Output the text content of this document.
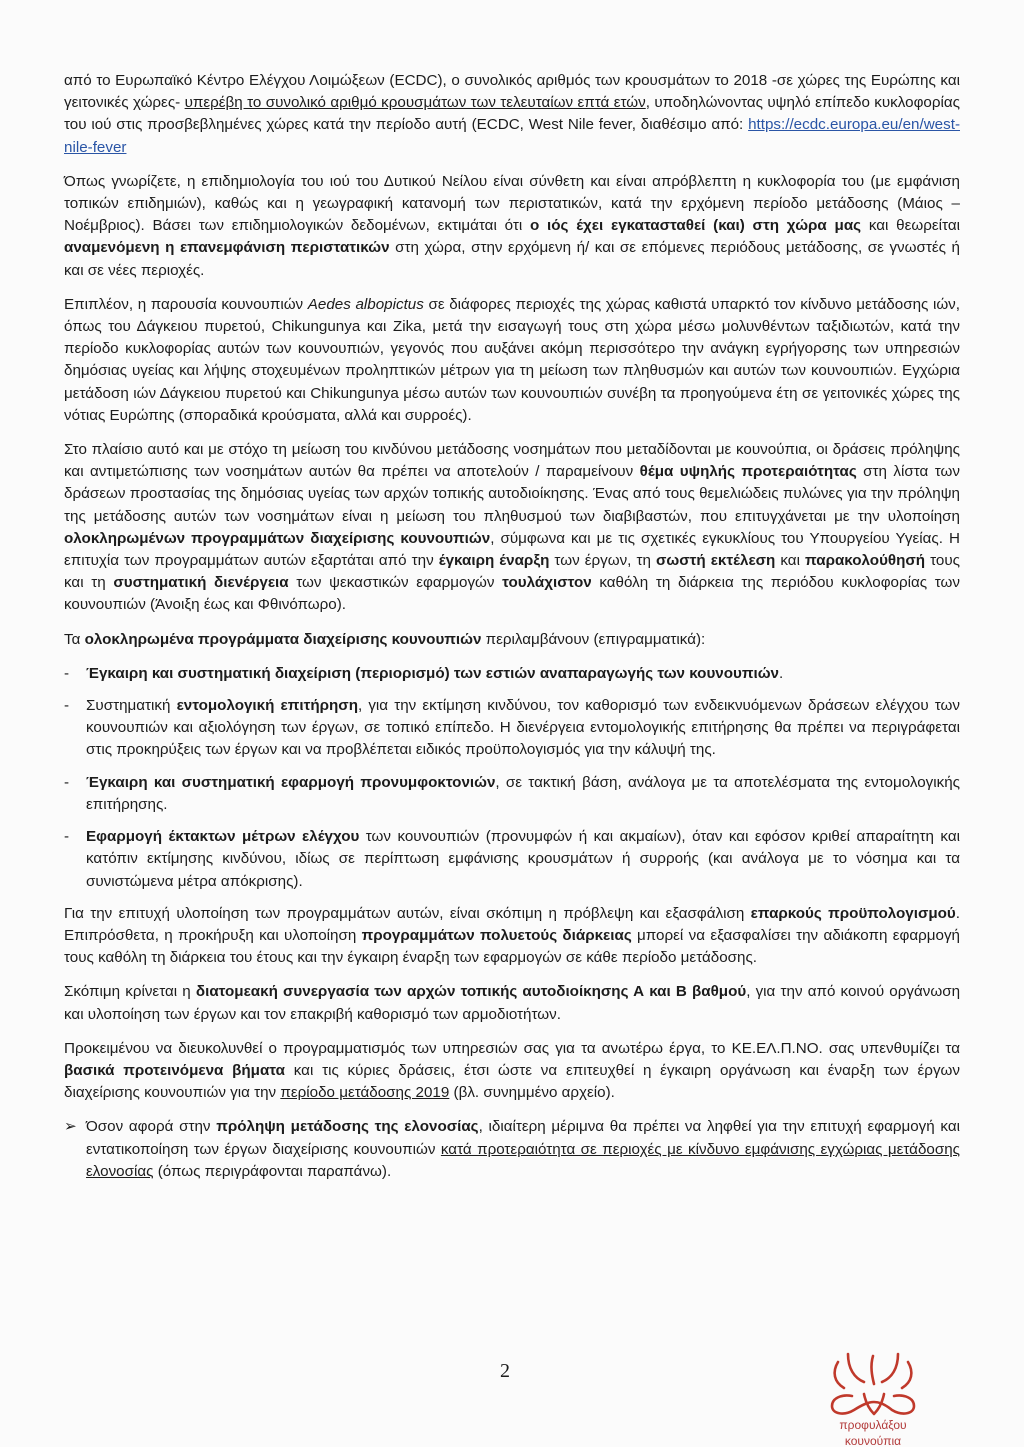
από το Ευρωπαϊκό Κέντρο Ελέγχου Λοιμώξεων (ECDC), ο συνολικός αριθμός των κρουσμάτων το 2018 -σε χώρες της Ευρώπης και γειτονικές χώρες- υπερέβη το συνολικό αριθμό κρουσμάτων των τελευταίων επτά ετών, υποδηλώνοντας υψηλό επίπεδο κυκλοφορίας του ιού στις προσβεβλημένες χώρες κατά την περίοδο αυτή (ECDC, West Nile fever, διαθέσιμο από: https://ecdc.europa.eu/en/west-nile-fever

Όπως γνωρίζετε, η επιδημιολογία του ιού του Δυτικού Νείλου είναι σύνθετη και είναι απρόβλεπτη η κυκλοφορία του (με εμφάνιση τοπικών επιδημιών), καθώς και η γεωγραφική κατανομή των περιστατικών, κατά την ερχόμενη περίοδο μετάδοσης (Μάιος – Νοέμβριος). Βάσει των επιδημιολογικών δεδομένων, εκτιμάται ότι ο ιός έχει εγκατασταθεί (και) στη χώρα μας και θεωρείται αναμενόμενη η επανεμφάνιση περιστατικών στη χώρα, στην ερχόμενη ή/ και σε επόμενες περιόδους μετάδοσης, σε γνωστές ή και σε νέες περιοχές.

Επιπλέον, η παρουσία κουνουπιών Aedes albopictus σε διάφορες περιοχές της χώρας καθιστά υπαρκτό τον κίνδυνο μετάδοσης ιών, όπως του Δάγκειου πυρετού, Chikungunya και Zika, μετά την εισαγωγή τους στη χώρα μέσω μολυνθέντων ταξιδιωτών, κατά την περίοδο κυκλοφορίας αυτών των κουνουπιών, γεγονός που αυξάνει ακόμη περισσότερο την ανάγκη εγρήγορσης των υπηρεσιών δημόσιας υγείας και λήψης στοχευμένων προληπτικών μέτρων για τη μείωση των πληθυσμών και αυτών των κουνουπιών. Εγχώρια μετάδοση ιών Δάγκειου πυρετού και Chikungunya μέσω αυτών των κουνουπιών συνέβη τα προηγούμενα έτη σε γειτονικές χώρες της νότιας Ευρώπης (σποραδικά κρούσματα, αλλά και συρροές).

Στο πλαίσιο αυτό και με στόχο τη μείωση του κινδύνου μετάδοσης νοσημάτων που μεταδίδονται με κουνούπια, οι δράσεις πρόληψης και αντιμετώπισης των νοσημάτων αυτών θα πρέπει να αποτελούν / παραμείνουν θέμα υψηλής προτεραιότητας στη λίστα των δράσεων προστασίας της δημόσιας υγείας των αρχών τοπικής αυτοδιοίκησης. Ένας από τους θεμελιώδεις πυλώνες για την πρόληψη της μετάδοσης αυτών των νοσημάτων είναι η μείωση του πληθυσμού των διαβιβαστών, που επιτυγχάνεται με την υλοποίηση ολοκληρωμένων προγραμμάτων διαχείρισης κουνουπιών, σύμφωνα και με τις σχετικές εγκυκλίους του Υπουργείου Υγείας. Η επιτυχία των προγραμμάτων αυτών εξαρτάται από την έγκαιρη έναρξη των έργων, τη σωστή εκτέλεση και παρακολούθησή τους και τη συστηματική διενέργεια των ψεκαστικών εφαρμογών τουλάχιστον καθόλη τη διάρκεια της περιόδου κυκλοφορίας των κουνουπιών (Άνοιξη έως και Φθινόπωρο).

Τα ολοκληρωμένα προγράμματα διαχείρισης κουνουπιών περιλαμβάνουν (επιγραμματικά):

- Έγκαιρη και συστηματική διαχείριση (περιορισμό) των εστιών αναπαραγωγής των κουνουπιών.
- Συστηματική εντομολογική επιτήρηση, για την εκτίμηση κινδύνου, τον καθορισμό των ενδεικνυόμενων δράσεων ελέγχου των κουνουπιών και αξιολόγηση των έργων, σε τοπικό επίπεδο. Η διενέργεια εντομολογικής επιτήρησης θα πρέπει να περιγράφεται στις προκηρύξεις των έργων και να προβλέπεται ειδικός προϋπολογισμός για την κάλυψή της.
- Έγκαιρη και συστηματική εφαρμογή προνυμφοκτονιών, σε τακτική βάση, ανάλογα με τα αποτελέσματα της εντομολογικής επιτήρησης.
- Εφαρμογή έκτακτων μέτρων ελέγχου των κουνουπιών (προνυμφών ή και ακμαίων), όταν και εφόσον κριθεί απαραίτητη και κατόπιν εκτίμησης κινδύνου, ιδίως σε περίπτωση εμφάνισης κρουσμάτων ή συρροής (και ανάλογα με το νόσημα και τα συνιστώμενα μέτρα απόκρισης).

Για την επιτυχή υλοποίηση των προγραμμάτων αυτών, είναι σκόπιμη η πρόβλεψη και εξασφάλιση επαρκούς προϋπολογισμού. Επιπρόσθετα, η προκήρυξη και υλοποίηση προγραμμάτων πολυετούς διάρκειας μπορεί να εξασφαλίσει την αδιάκοπη εφαρμογή τους καθόλη τη διάρκεια του έτους και την έγκαιρη έναρξη των εφαρμογών σε κάθε περίοδο μετάδοσης.

Σκόπιμη κρίνεται η διατομεακή συνεργασία των αρχών τοπικής αυτοδιοίκησης Α και Β βαθμού, για την από κοινού οργάνωση και υλοποίηση των έργων και τον επακριβή καθορισμό των αρμοδιοτήτων.

Προκειμένου να διευκολυνθεί ο προγραμματισμός των υπηρεσιών σας για τα ανωτέρω έργα, το ΚΕ.ΕΛ.Π.ΝΟ. σας υπενθυμίζει τα βασικά προτεινόμενα βήματα και τις κύριες δράσεις, έτσι ώστε να επιτευχθεί η έγκαιρη οργάνωση και έναρξη των έργων διαχείρισης κουνουπιών για την περίοδο μετάδοσης 2019 (βλ. συνημμένο αρχείο).

➢ Όσον αφορά στην πρόληψη μετάδοσης της ελονοσίας, ιδιαίτερη μέριμνα θα πρέπει να ληφθεί για την επιτυχή εφαρμογή και εντατικοποίηση των έργων διαχείρισης κουνουπιών κατά προτεραιότητα σε περιοχές με κίνδυνο εμφάνισης εγχώριας μετάδοσης ελονοσίας (όπως περιγράφονται παραπάνω).
2
προφυλάξου
κουνούπια
